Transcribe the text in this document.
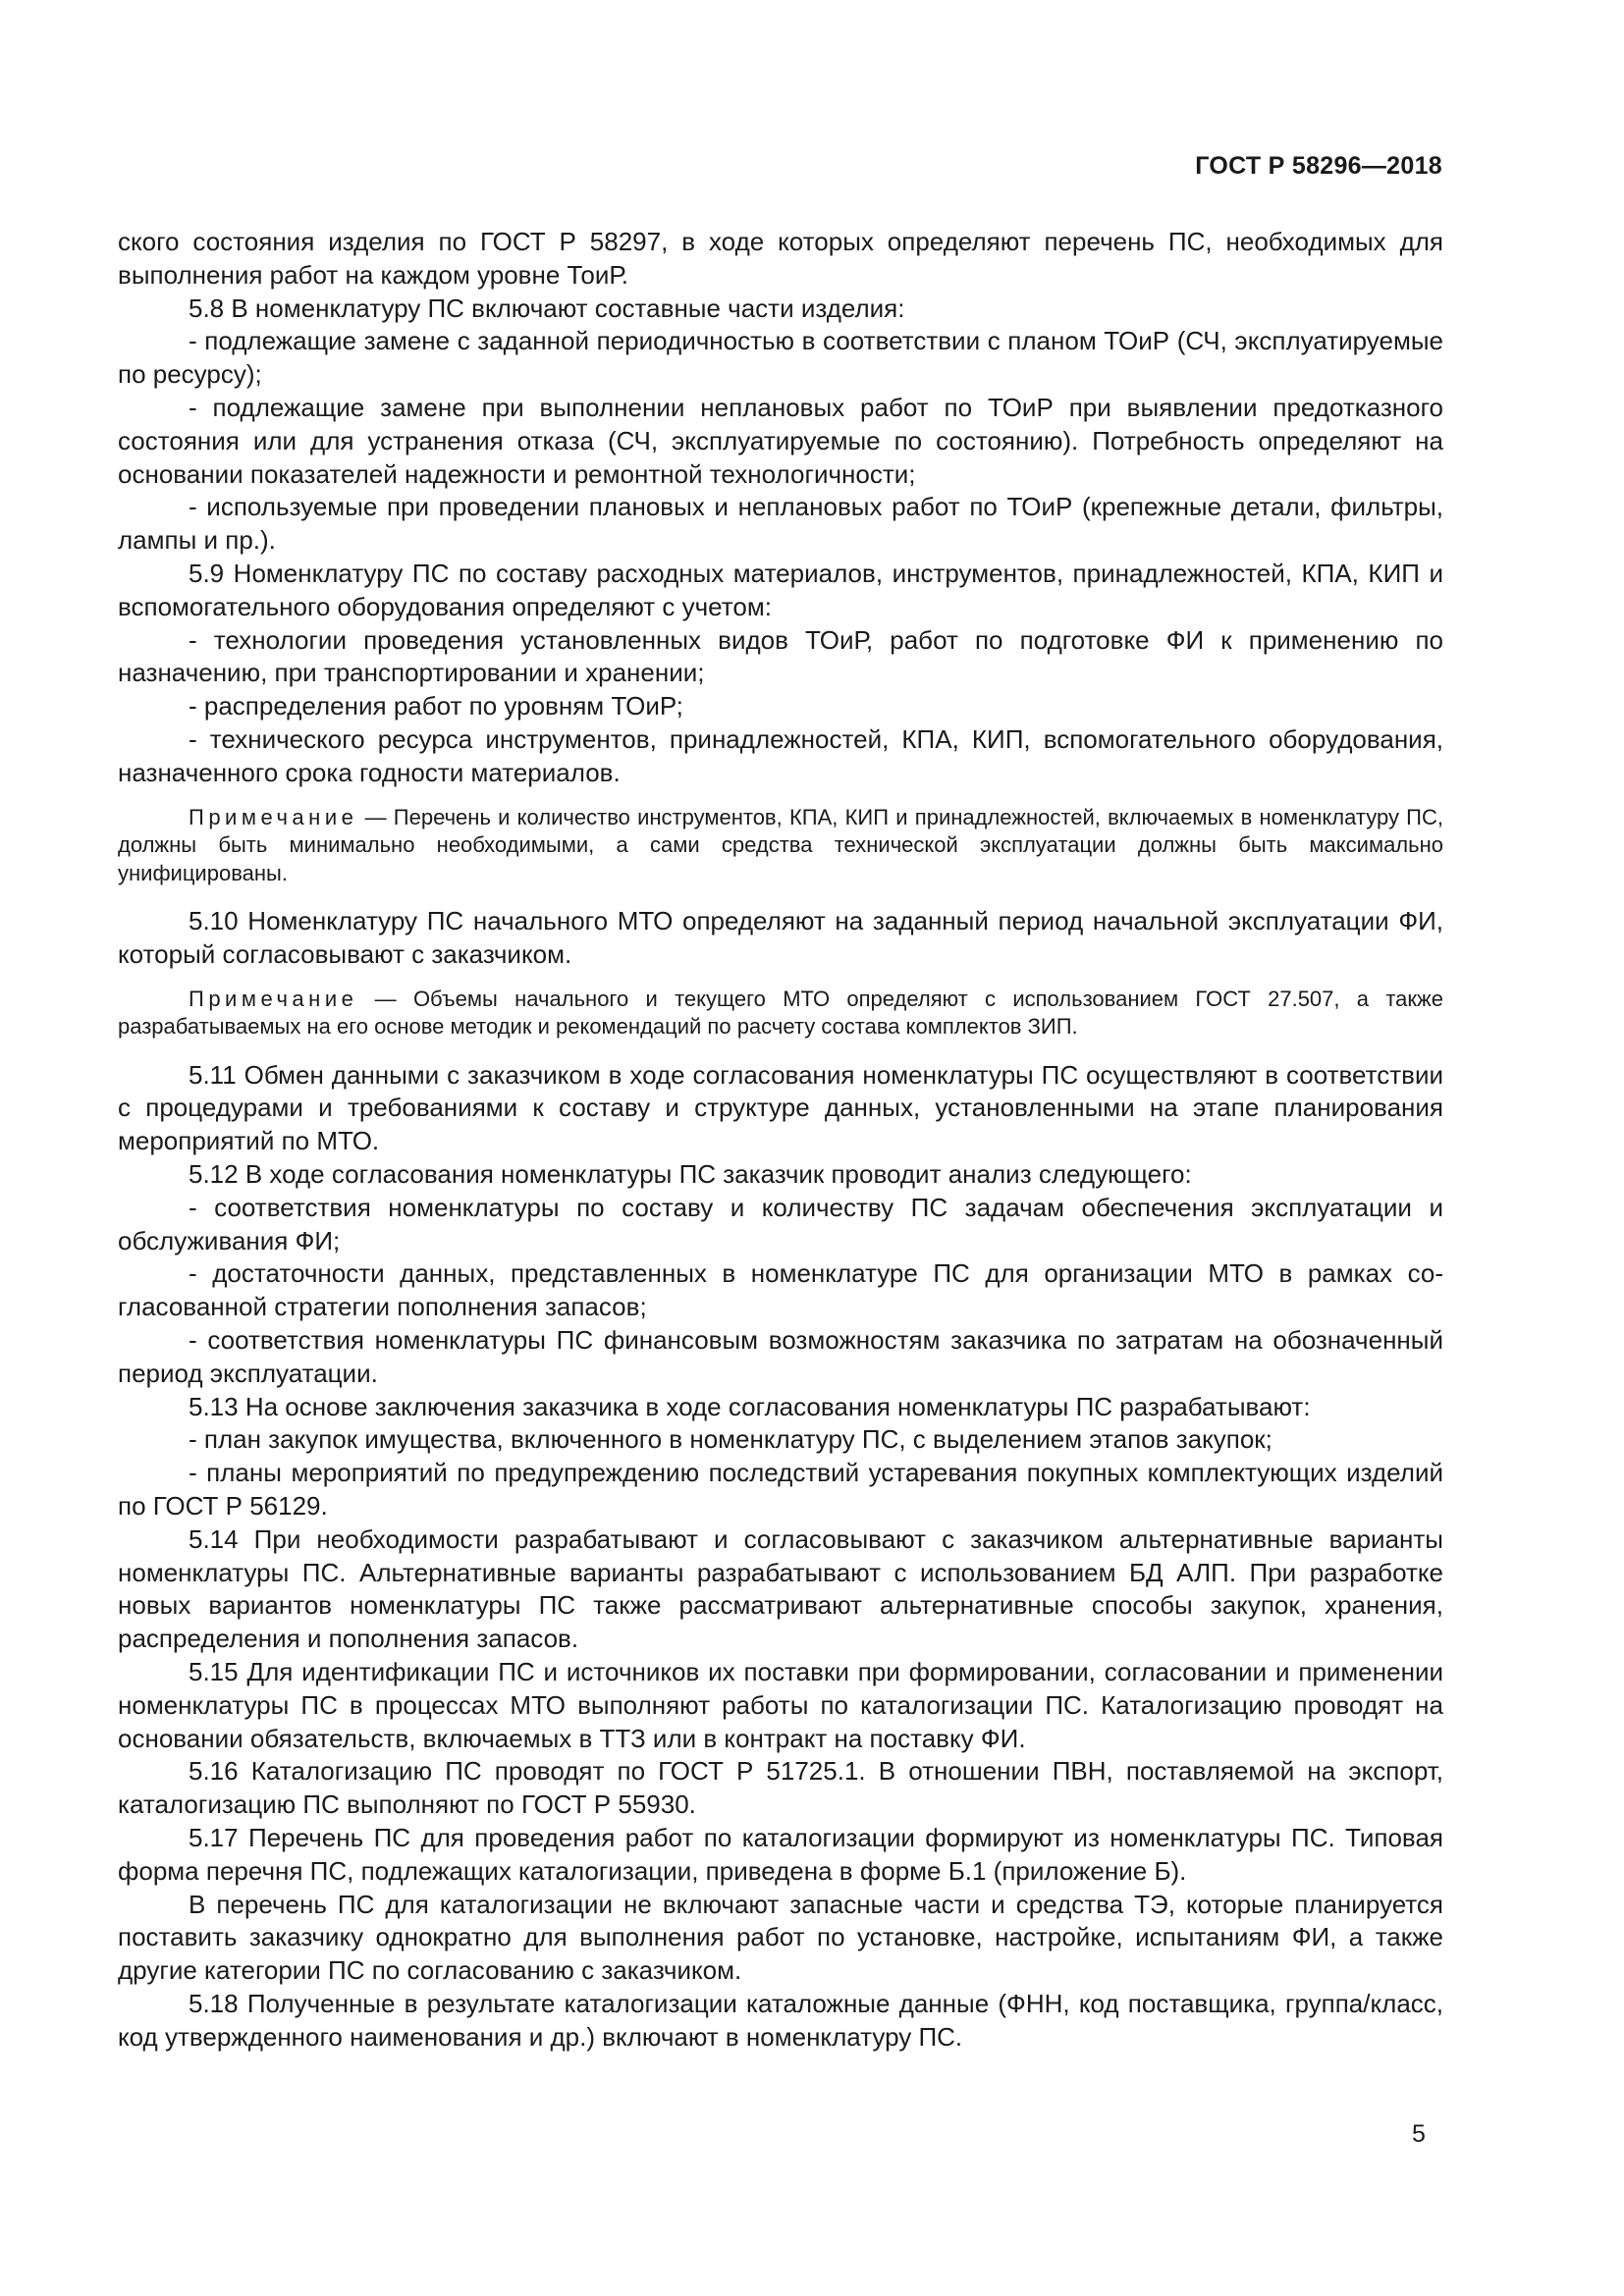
ГОСТ Р 58296—2018

ского состояния изделия по ГОСТ Р 58297, в ходе которых определяют перечень ПС, необходимых для выполнения работ на каждом уровне ТоиР.

5.8 В номенклатуру ПС включают составные части изделия:

- подлежащие замене с заданной периодичностью в соответствии с планом ТОиР (СЧ, эксплуатируемые по ресурсу);

- подлежащие замене при выполнении неплановых работ по ТОиР при выявлении предотказного состояния или для устранения отказа (СЧ, эксплуатируемые по состоянию). Потребность определяют на основании показателей надежности и ремонтной технологичности;

- используемые при проведении плановых и неплановых работ по ТОиР (крепежные детали, фильтры, лампы и пр.).

5.9 Номенклатуру ПС по составу расходных материалов, инструментов, принадлежностей, КПА, КИП и вспомогательного оборудования определяют с учетом:

- технологии проведения установленных видов ТОиР, работ по подготовке ФИ к применению по назначению, при транспортировании и хранении;

- распределения работ по уровням ТОиР;

- технического ресурса инструментов, принадлежностей, КПА, КИП, вспомогательного оборудования, назначенного срока годности материалов.

Примечание — Перечень и количество инструментов, КПА, КИП и принадлежностей, включаемых в номенклатуру ПС, должны быть минимально необходимыми, а сами средства технической эксплуатации должны быть максимально унифицированы.

5.10 Номенклатуру ПС начального МТО определяют на заданный период начальной эксплуатации ФИ, который согласовывают с заказчиком.

Примечание — Объемы начального и текущего МТО определяют с использованием ГОСТ 27.507, а также разрабатываемых на его основе методик и рекомендаций по расчету состава комплектов ЗИП.

5.11 Обмен данными с заказчиком в ходе согласования номенклатуры ПС осуществляют в соответствии с процедурами и требованиями к составу и структуре данных, установленными на этапе планирования мероприятий по МТО.

5.12 В ходе согласования номенклатуры ПС заказчик проводит анализ следующего:

- соответствия номенклатуры по составу и количеству ПС задачам обеспечения эксплуатации и обслуживания ФИ;

- достаточности данных, представленных в номенклатуре ПС для организации МТО в рамках согласованной стратегии пополнения запасов;

- соответствия номенклатуры ПС финансовым возможностям заказчика по затратам на обозначенный период эксплуатации.

5.13 На основе заключения заказчика в ходе согласования номенклатуры ПС разрабатывают:

- план закупок имущества, включенного в номенклатуру ПС, с выделением этапов закупок;

- планы мероприятий по предупреждению последствий устаревания покупных комплектующих изделий по ГОСТ Р 56129.

5.14 При необходимости разрабатывают и согласовывают с заказчиком альтернативные варианты номенклатуры ПС. Альтернативные варианты разрабатывают с использованием БД АЛП. При разработке новых вариантов номенклатуры ПС также рассматривают альтернативные способы закупок, хранения, распределения и пополнения запасов.

5.15 Для идентификации ПС и источников их поставки при формировании, согласовании и применении номенклатуры ПС в процессах МТО выполняют работы по каталогизации ПС. Каталогизацию проводят на основании обязательств, включаемых в ТТЗ или в контракт на поставку ФИ.

5.16 Каталогизацию ПС проводят по ГОСТ Р 51725.1. В отношении ПВН, поставляемой на экспорт, каталогизацию ПС выполняют по ГОСТ Р 55930.

5.17 Перечень ПС для проведения работ по каталогизации формируют из номенклатуры ПС. Типовая форма перечня ПС, подлежащих каталогизации, приведена в форме Б.1 (приложение Б).

В перечень ПС для каталогизации не включают запасные части и средства ТЭ, которые планируется поставить заказчику однократно для выполнения работ по установке, настройке, испытаниям ФИ, а также другие категории ПС по согласованию с заказчиком.

5.18 Полученные в результате каталогизации каталожные данные (ФНН, код поставщика, группа/класс, код утвержденного наименования и др.) включают в номенклатуру ПС.

5
